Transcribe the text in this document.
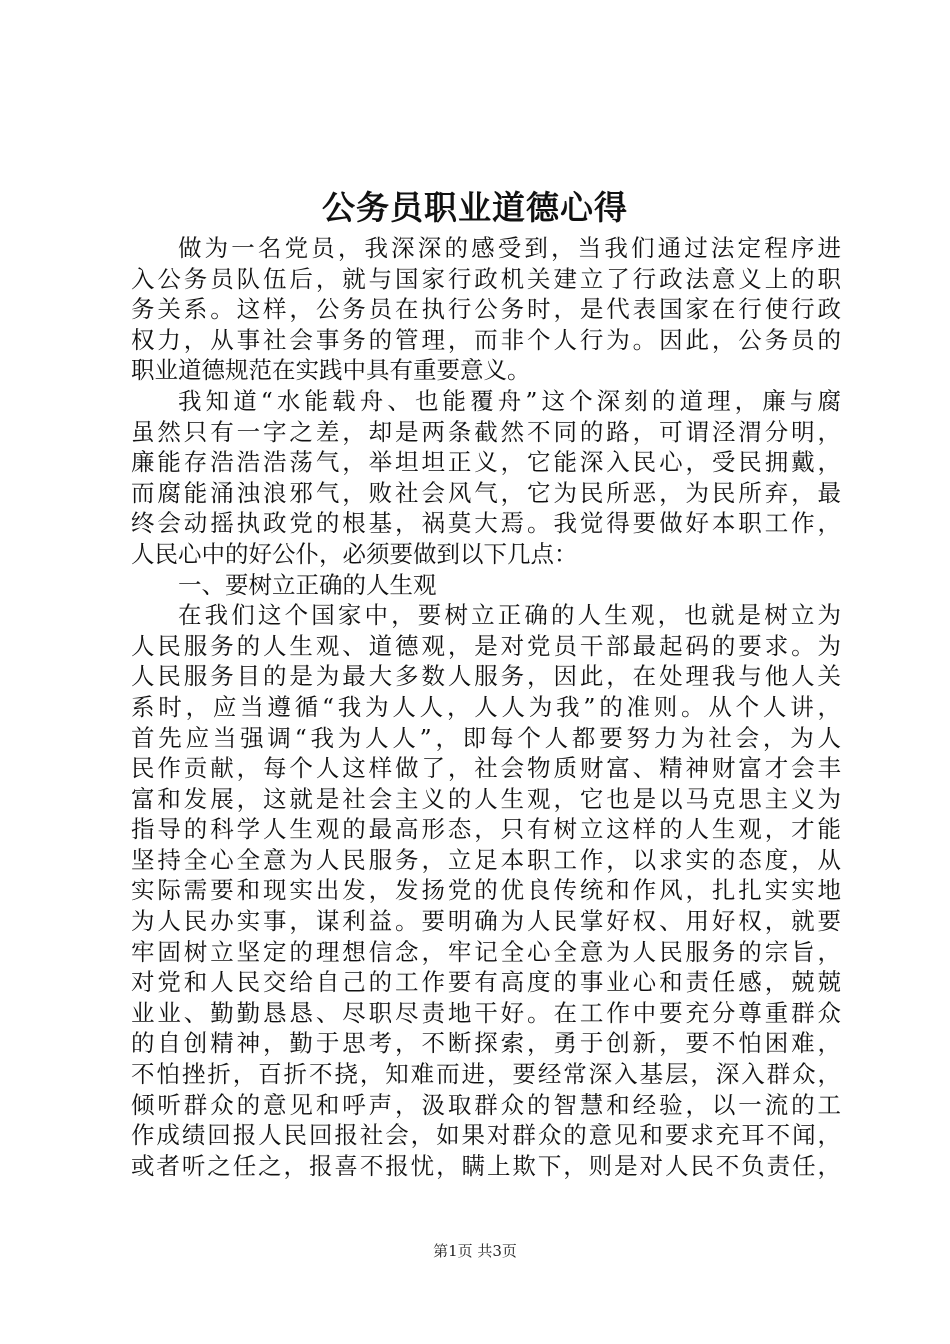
公务员职业道德心得
做为一名党员，我深深的感受到，当我们通过法定程序进
入公务员队伍后，就与国家行政机关建立了行政法意义上的职
务关系。这样，公务员在执行公务时，是代表国家在行使行政
权力，从事社会事务的管理，而非个人行为。因此，公务员的
职业道德规范在实践中具有重要意义。
我知道“水能载舟、也能覆舟”这个深刻的道理，廉与腐
虽然只有一字之差，却是两条截然不同的路，可谓泾渭分明，
廉能存浩浩浩荡气，举坦坦正义，它能深入民心，受民拥戴，
而腐能涌浊浪邪气，败社会风气，它为民所恶，为民所弃，最
终会动摇执政党的根基，祸莫大焉。我觉得要做好本职工作，
人民心中的好公仆，必须要做到以下几点：
一、要树立正确的人生观
在我们这个国家中，要树立正确的人生观，也就是树立为
人民服务的人生观、道德观，是对党员干部最起码的要求。为
人民服务目的是为最大多数人服务，因此，在处理我与他人关
系时，应当遵循“我为人人，人人为我”的准则。从个人讲，
首先应当强调“我为人人”，即每个人都要努力为社会，为人
民作贡献，每个人这样做了，社会物质财富、精神财富才会丰
富和发展，这就是社会主义的人生观，它也是以马克思主义为
指导的科学人生观的最高形态，只有树立这样的人生观，才能
坚持全心全意为人民服务，立足本职工作，以求实的态度，从
实际需要和现实出发，发扬党的优良传统和作风，扎扎实实地
为人民办实事，谋利益。要明确为人民掌好权、用好权，就要
牢固树立坚定的理想信念，牢记全心全意为人民服务的宗旨，
对党和人民交给自己的工作要有高度的事业心和责任感，兢兢
业业、勤勤恳恳、尽职尽责地干好。在工作中要充分尊重群众
的自创精神，勤于思考，不断探索，勇于创新，要不怕困难，
不怕挫折，百折不挠，知难而进，要经常深入基层，深入群众，
倾听群众的意见和呼声，汲取群众的智慧和经验，以一流的工
作成绩回报人民回报社会，如果对群众的意见和要求充耳不闻，
或者听之任之，报喜不报忧，瞒上欺下，则是对人民不负责任，
第1页 共3页
